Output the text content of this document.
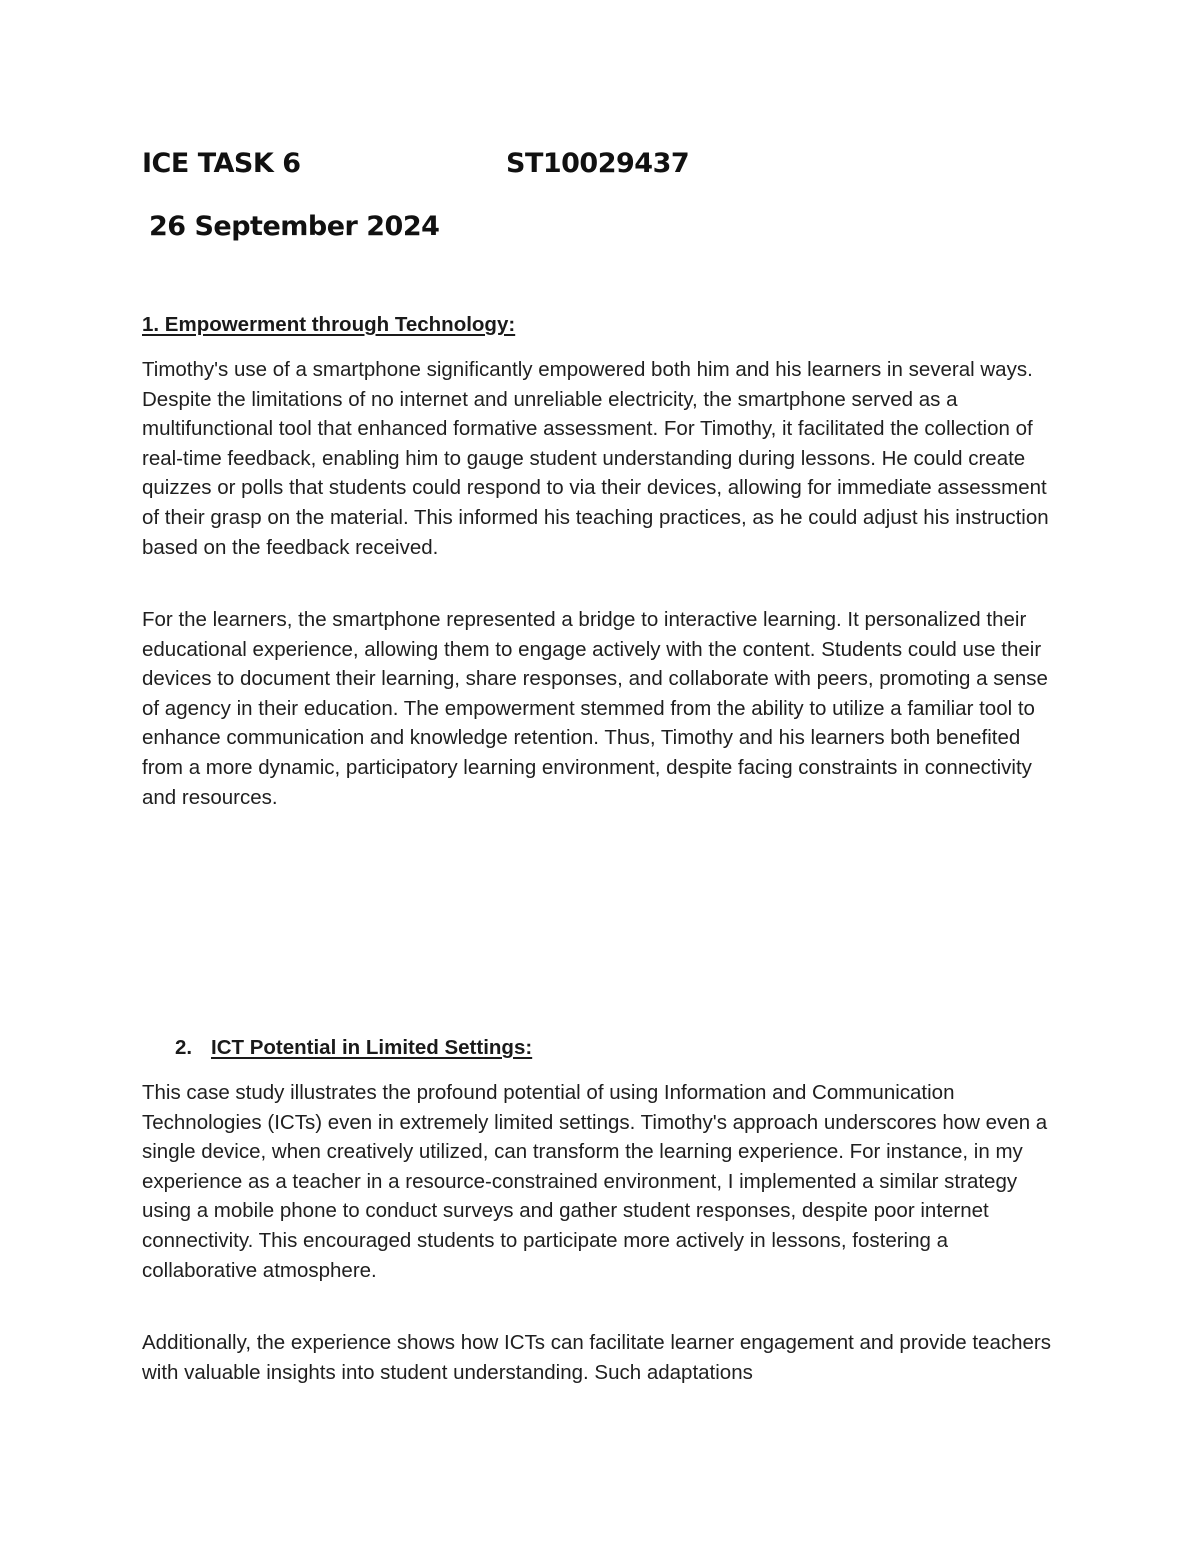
ICE TASK 6	ST10029437
26 September 2024
1. Empowerment through Technology:

Timothy's use of a smartphone significantly empowered both him and his learners in several ways. Despite the limitations of no internet and unreliable electricity, the smartphone served as a multifunctional tool that enhanced formative assessment. For Timothy, it facilitated the collection of real-time feedback, enabling him to gauge student understanding during lessons. He could create quizzes or polls that students could respond to via their devices, allowing for immediate assessment of their grasp on the material. This informed his teaching practices, as he could adjust his instruction based on the feedback received.

For the learners, the smartphone represented a bridge to interactive learning. It personalized their educational experience, allowing them to engage actively with the content. Students could use their devices to document their learning, share responses, and collaborate with peers, promoting a sense of agency in their education. The empowerment stemmed from the ability to utilize a familiar tool to enhance communication and knowledge retention. Thus, Timothy and his learners both benefited from a more dynamic, participatory learning environment, despite facing constraints in connectivity and resources.

2. ICT Potential in Limited Settings:

This case study illustrates the profound potential of using Information and Communication Technologies (ICTs) even in extremely limited settings. Timothy's approach underscores how even a single device, when creatively utilized, can transform the learning experience. For instance, in my experience as a teacher in a resource-constrained environment, I implemented a similar strategy using a mobile phone to conduct surveys and gather student responses, despite poor internet connectivity. This encouraged students to participate more actively in lessons, fostering a collaborative atmosphere.

Additionally, the experience shows how ICTs can facilitate learner engagement and provide teachers with valuable insights into student understanding. Such adaptations
